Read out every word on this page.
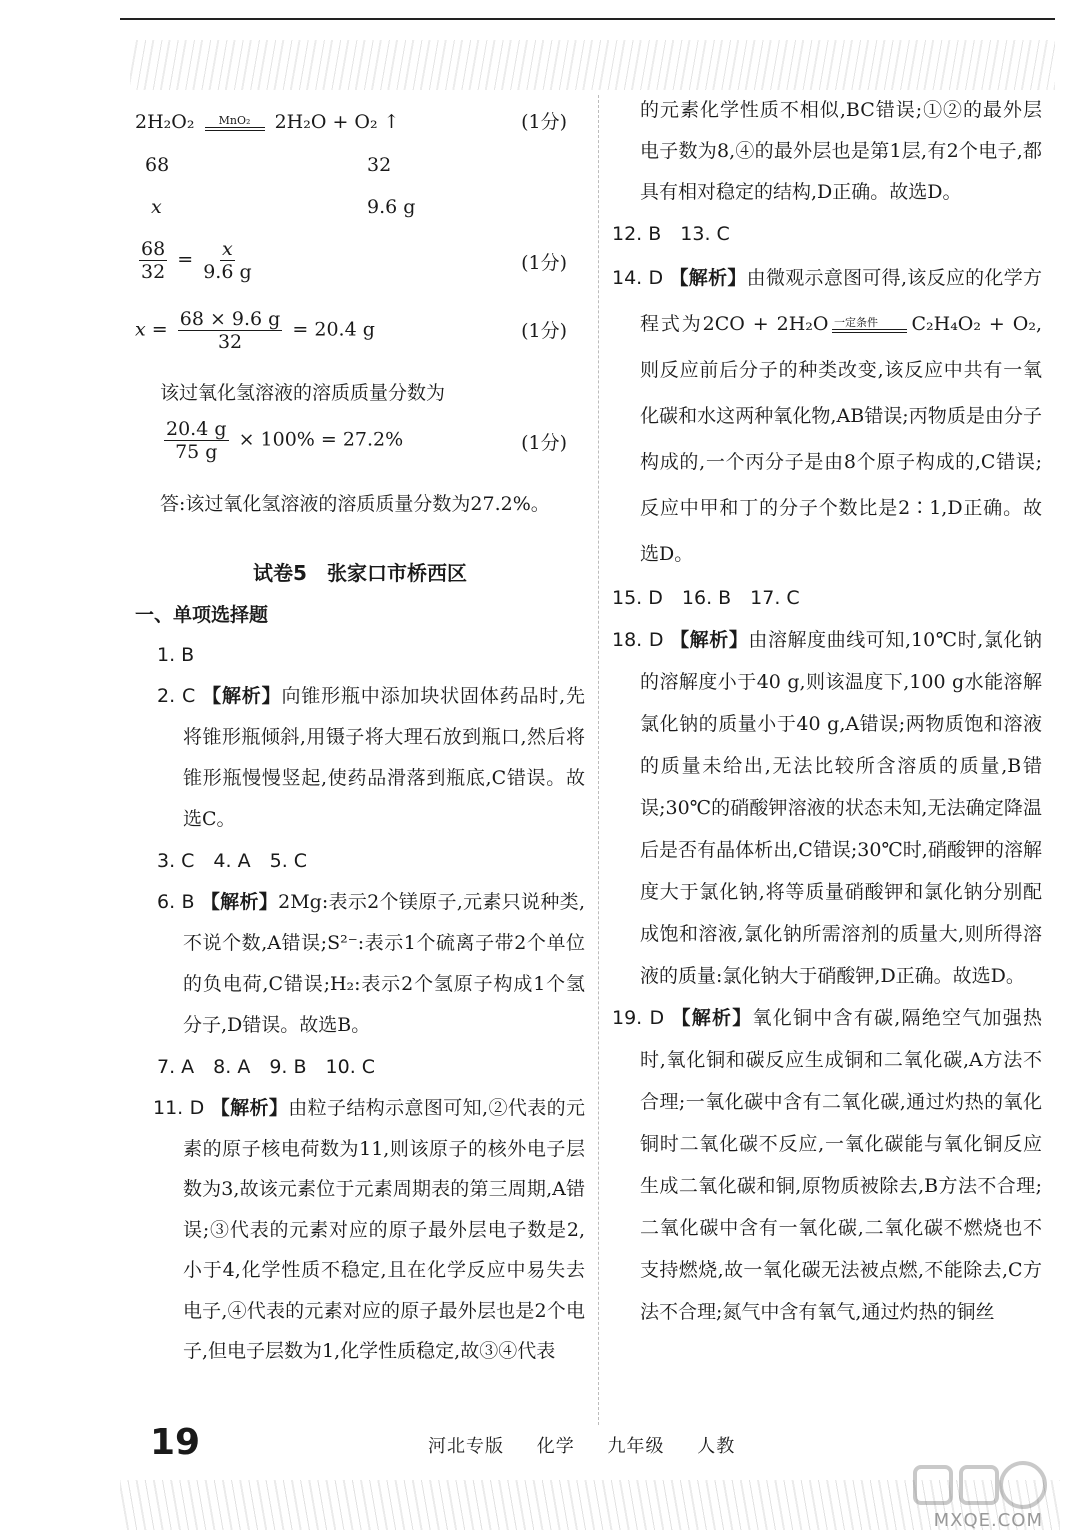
2H₂O₂ MnO₂ 2H₂O + O₂ ↑	(1分)
68	32
x	9.6 g
$\frac{68}{32} = \frac{x}{9.6 g}$	(1分)
$x = \frac{68 \times 9.6 g}{32} = 20.4$ g	(1分)
该过氧化氢溶液的溶质质量分数为
$\frac{20.4 g}{75 g} \times 100\% = 27.2\%$	(1分)
答:该过氧化氢溶液的溶质质量分数为27.2%。
试卷5　张家口市桥西区
一、单项选择题
1. B
2. C 【解析】向锥形瓶中添加块状固体药品时,先将锥形瓶倾斜,用镊子将大理石放到瓶口,然后将锥形瓶慢慢竖起,使药品滑落到瓶底,C错误。故选C。
3. C　4. A　5. C
6. B 【解析】2Mg:表示2个镁原子,元素只说种类,不说个数,A错误;S²⁻:表示1个硫离子带2个单位的负电荷,C错误;H₂:表示2个氢原子构成1个氢分子,D错误。故选B。
7. A　8. A　9. B　10. C
11. D 【解析】由粒子结构示意图可知,②代表的元素的原子核电荷数为11,则该原子的核外电子层数为3,故该元素位于元素周期表的第三周期,A错误;③代表的元素对应的原子最外层电子数是2,小于4,化学性质不稳定,且在化学反应中易失去电子,④代表的元素对应的原子最外层也是2个电子,但电子层数为1,化学性质稳定,故③④代表
的元素化学性质不相似,BC错误;①②的最外层电子数为8,④的最外层也是第1层,有2个电子,都具有相对稳定的结构,D正确。故选D。
12. B　13. C
14. D 【解析】由微观示意图可得,该反应的化学方程式为2CO + 2H₂O 一定条件 C₂H₄O₂ + O₂,则反应前后分子的种类改变,该反应中共有一氧化碳和水这两种氧化物,AB错误;丙物质是由分子构成的,一个丙分子是由8个原子构成的,C错误;反应中甲和丁的分子个数比是2∶1,D正确。故选D。
15. D　16. B　17. C
18. D 【解析】由溶解度曲线可知,10℃时,氯化钠的溶解度小于40 g,则该温度下,100 g水能溶解氯化钠的质量小于40 g,A错误;两物质饱和溶液的质量未给出,无法比较所含溶质的质量,B错误;30℃的硝酸钾溶液的状态未知,无法确定降温后是否有晶体析出,C错误;30℃时,硝酸钾的溶解度大于氯化钠,将等质量硝酸钾和氯化钠分别配成饱和溶液,氯化钠所需溶剂的质量大,则所得溶液的质量:氯化钠大于硝酸钾,D正确。故选D。
19. D 【解析】氧化铜中含有碳,隔绝空气加强热时,氧化铜和碳反应生成铜和二氧化碳,A方法不合理;一氧化碳中含有二氧化碳,通过灼热的氧化铜时二氧化碳不反应,一氧化碳能与氧化铜反应生成二氧化碳和铜,原物质被除去,B方法不合理;二氧化碳中含有一氧化碳,二氧化碳不燃烧也不支持燃烧,故一氧化碳无法被点燃,不能除去,C方法不合理;氮气中含有氧气,通过灼热的铜丝
19	河北专版 化学 九年级 人教
MXQE.COM
